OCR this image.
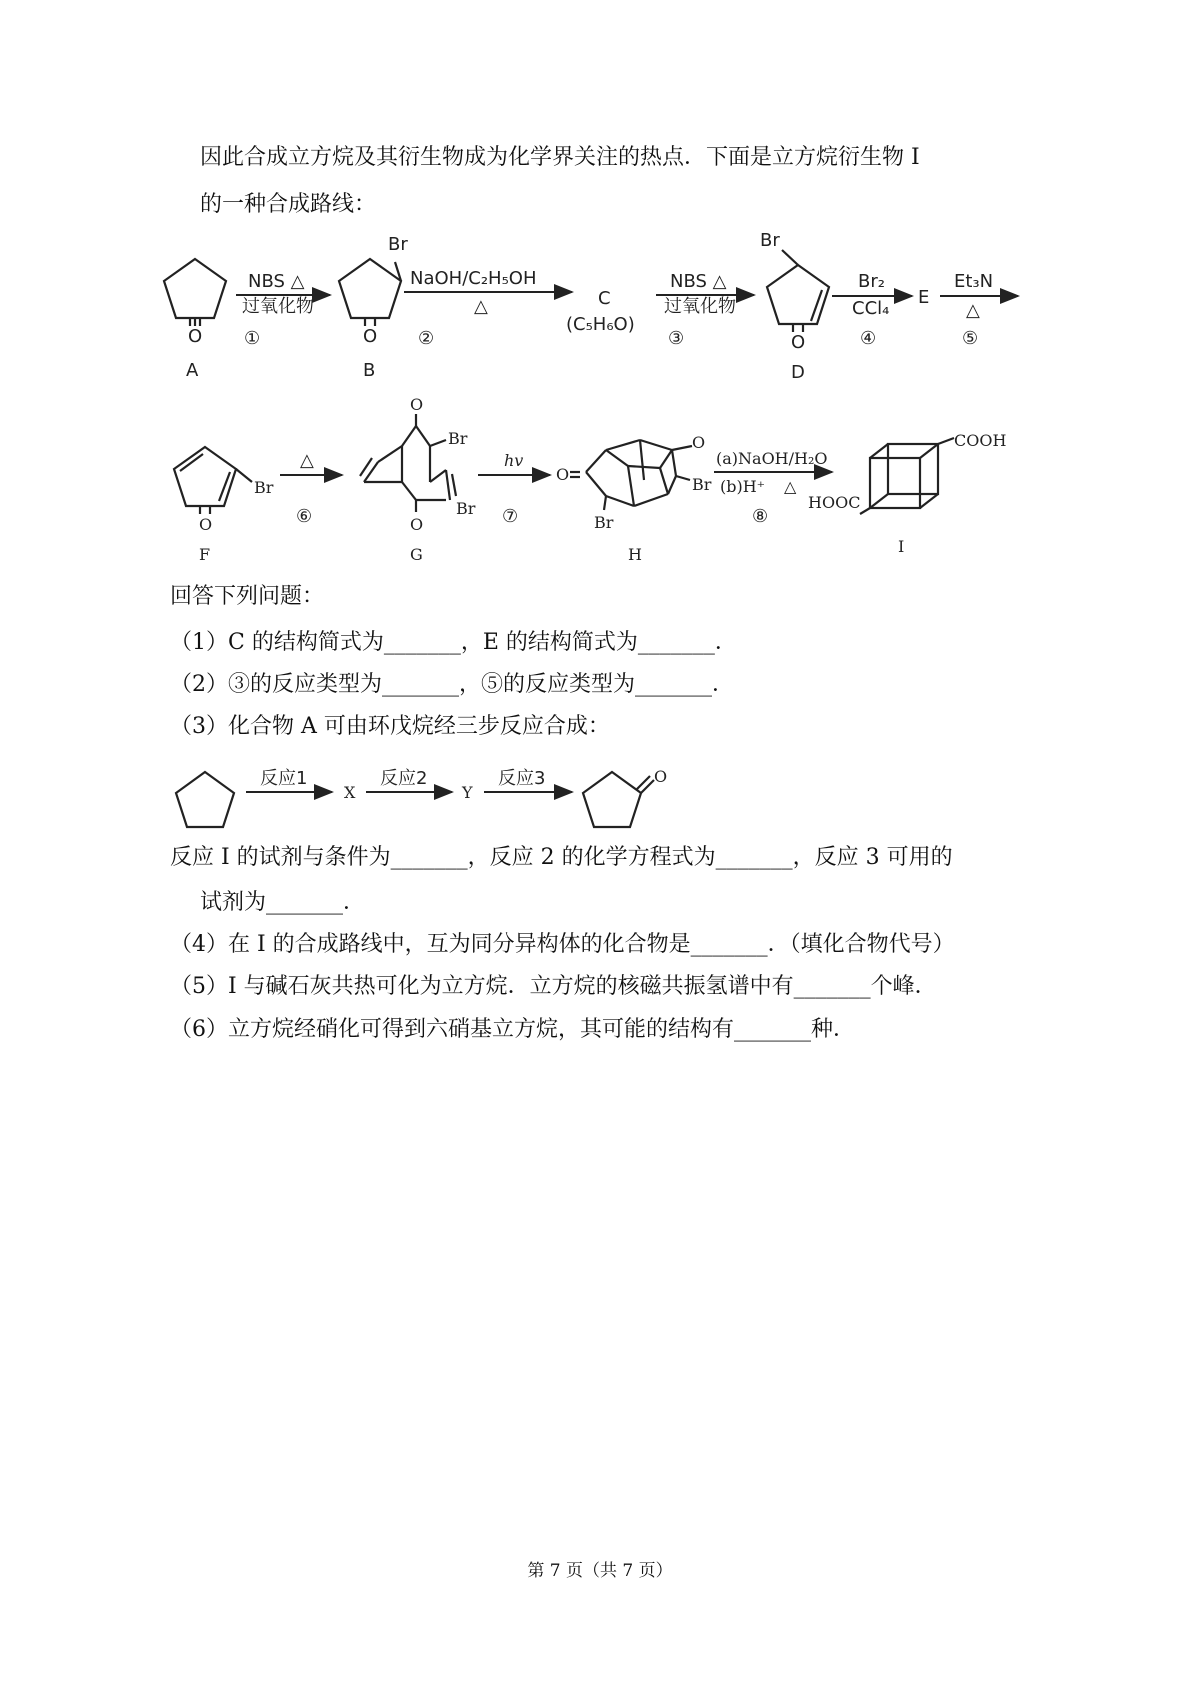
因此合成立方烷及其衍生物成为化学界关注的热点．下面是立方烷衍生物 I
的一种合成路线：
O
A
NBS △
过氧化物
①
Br
O
B
NaOH/C₂H₅OH
△
②
C
(C₅H₆O)
NBS △
过氧化物
③
Br
O
D
Br₂
CCl₄
④
E
Et₃N
△
⑤
Br
O
F
△
⑥
O
O
Br
Br
G
hv
⑦
O
O
Br
Br
H
(a)NaOH/H₂O
(b)H⁺ △
⑧
COOH
HOOC
I
反应1
X
反应2
Y
反应3	O
回答下列问题：
（1）C 的结构简式为_______，E 的结构简式为_______．
（2）③的反应类型为_______，⑤的反应类型为_______．
（3）化合物 A 可由环戊烷经三步反应合成：
反应 I 的试剂与条件为_______，反应 2 的化学方程式为_______，反应 3 可用的
试剂为_______．
（4）在 I 的合成路线中，互为同分异构体的化合物是_______．（填化合物代号）
（5）I 与碱石灰共热可化为立方烷．立方烷的核磁共振氢谱中有_______个峰．
（6）立方烷经硝化可得到六硝基立方烷，其可能的结构有_______种．
第 7 页（共 7 页）
